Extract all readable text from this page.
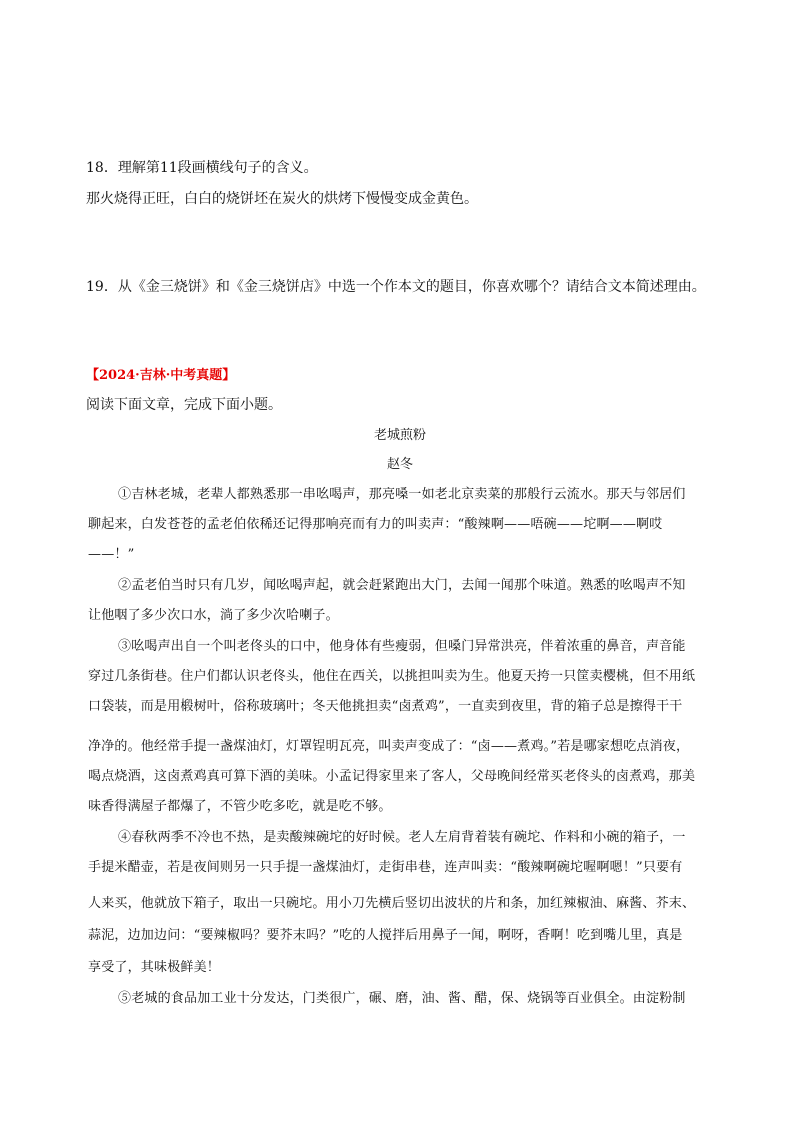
18．理解第11段画横线句子的含义。
那火烧得正旺，白白的烧饼坯在炭火的烘烤下慢慢变成金黄色。
19．从《金三烧饼》和《金三烧饼店》中选一个作本文的题目，你喜欢哪个？请结合文本简述理由。
【2024·吉林·中考真题】
阅读下面文章，完成下面小题。
老城煎粉
赵冬
①吉林老城，老辈人都熟悉那一串吆喝声，那亮嗓一如老北京卖菜的那般行云流水。那天与邻居们
聊起来，白发苍苍的孟老伯依稀还记得那响亮而有力的叫卖声：“酸辣啊——唔碗——坨啊——啊哎
——！”
②孟老伯当时只有几岁，闻吆喝声起，就会赶紧跑出大门，去闻一闻那个味道。熟悉的吆喝声不知
让他咽了多少次口水，淌了多少次哈喇子。
③吆喝声出自一个叫老佟头的口中，他身体有些瘦弱，但嗓门异常洪亮，伴着浓重的鼻音，声音能
穿过几条街巷。住户们都认识老佟头，他住在西关，以挑担叫卖为生。他夏天挎一只筐卖樱桃，但不用纸
口袋装，而是用椴树叶，俗称玻璃叶；冬天他挑担卖“卤煮鸡”，一直卖到夜里，背的箱子总是擦得干干
净净的。他经常手提一盏煤油灯，灯罩锃明瓦亮，叫卖声变成了：“卤——煮鸡。”若是哪家想吃点消夜，
喝点烧酒，这卤煮鸡真可算下酒的美味。小孟记得家里来了客人，父母晚间经常买老佟头的卤煮鸡，那美
味香得满屋子都爆了，不管少吃多吃，就是吃不够。
④春秋两季不冷也不热，是卖酸辣碗坨的好时候。老人左肩背着装有碗坨、作料和小碗的箱子，一
手提米醋壶，若是夜间则另一只手提一盏煤油灯，走街串巷，连声叫卖：“酸辣啊碗坨喔啊嗯！”只要有
人来买，他就放下箱子，取出一只碗坨。用小刀先横后竖切出波状的片和条，加红辣椒油、麻酱、芥末、
蒜泥，边加边问：“要辣椒吗？要芥末吗？”吃的人搅拌后用鼻子一闻，啊呀，香啊！吃到嘴儿里，真是
享受了，其味极鲜美！
⑤老城的食品加工业十分发达，门类很广，碾、磨，油、酱、醋，保、烧锅等百业俱全。由淀粉制
